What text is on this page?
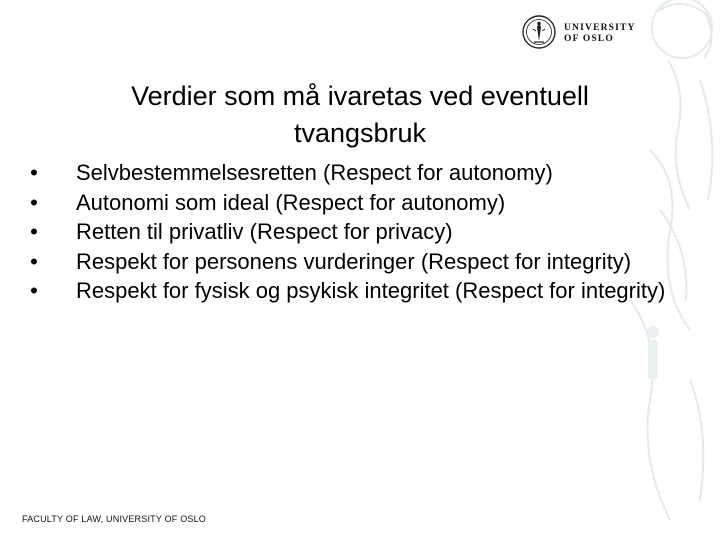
UNIVERSITY
OF OSLO
Verdier som må ivaretas ved eventuell
tvangsbruk
• Selvbestemmelsesretten (Respect for autonomy)
• Autonomi som ideal (Respect for autonomy)
• Retten til privatliv (Respect for privacy)
• Respekt for personens vurderinger (Respect for integrity)
• Respekt for fysisk og psykisk integritet (Respect for integrity)
FACULTY OF LAW, UNIVERSITY OF OSLO
